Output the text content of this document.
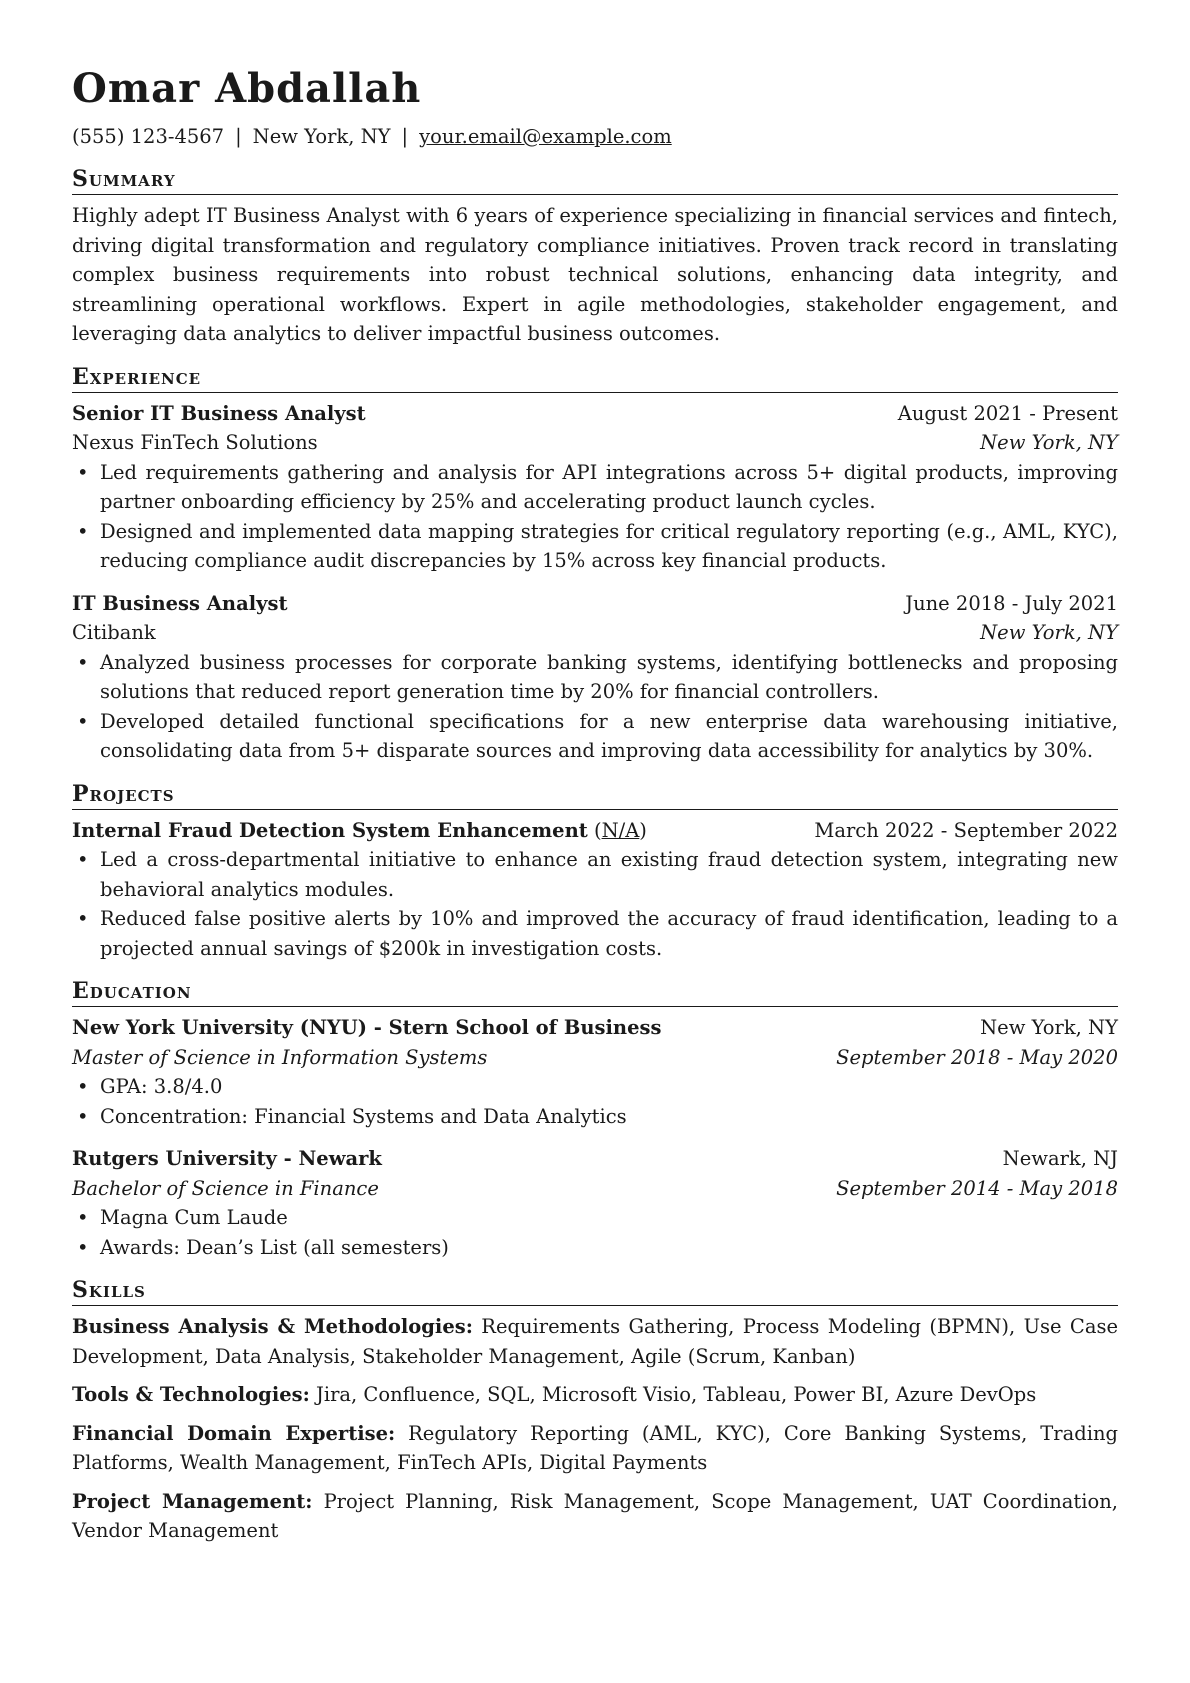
Omar Abdallah
(555) 123-4567 | New York, NY | your.email@example.com
Summary
Highly adept IT Business Analyst with 6 years of experience specializing in financial services and fintech, driving digital transformation and regulatory compliance initiatives. Proven track record in translating complex business requirements into robust technical solutions, enhancing data integrity, and streamlining operational workflows. Expert in agile methodologies, stakeholder engagement, and leveraging data analytics to deliver impactful business outcomes.
Experience
Senior IT Business Analyst	August 2021 - Present
Nexus FinTech Solutions	New York, NY
• Led requirements gathering and analysis for API integrations across 5+ digital products, improving partner onboarding efficiency by 25% and accelerating product launch cycles.
• Designed and implemented data mapping strategies for critical regulatory reporting (e.g., AML, KYC), reducing compliance audit discrepancies by 15% across key financial products.
IT Business Analyst	June 2018 - July 2021
Citibank	New York, NY
• Analyzed business processes for corporate banking systems, identifying bottlenecks and proposing solutions that reduced report generation time by 20% for financial controllers.
• Developed detailed functional specifications for a new enterprise data warehousing initiative, consolidating data from 5+ disparate sources and improving data accessibility for analytics by 30%.
Projects
Internal Fraud Detection System Enhancement (N/A)	March 2022 - September 2022
• Led a cross-departmental initiative to enhance an existing fraud detection system, integrating new behavioral analytics modules.
• Reduced false positive alerts by 10% and improved the accuracy of fraud identification, leading to a projected annual savings of $200k in investigation costs.
Education
New York University (NYU) - Stern School of Business	New York, NY
Master of Science in Information Systems	September 2018 - May 2020
• GPA: 3.8/4.0
• Concentration: Financial Systems and Data Analytics
Rutgers University - Newark	Newark, NJ
Bachelor of Science in Finance	September 2014 - May 2018
• Magna Cum Laude
• Awards: Dean’s List (all semesters)
Skills
Business Analysis & Methodologies: Requirements Gathering, Process Modeling (BPMN), Use Case Development, Data Analysis, Stakeholder Management, Agile (Scrum, Kanban)
Tools & Technologies: Jira, Confluence, SQL, Microsoft Visio, Tableau, Power BI, Azure DevOps
Financial Domain Expertise: Regulatory Reporting (AML, KYC), Core Banking Systems, Trading Platforms, Wealth Management, FinTech APIs, Digital Payments
Project Management: Project Planning, Risk Management, Scope Management, UAT Coordination, Vendor Management
